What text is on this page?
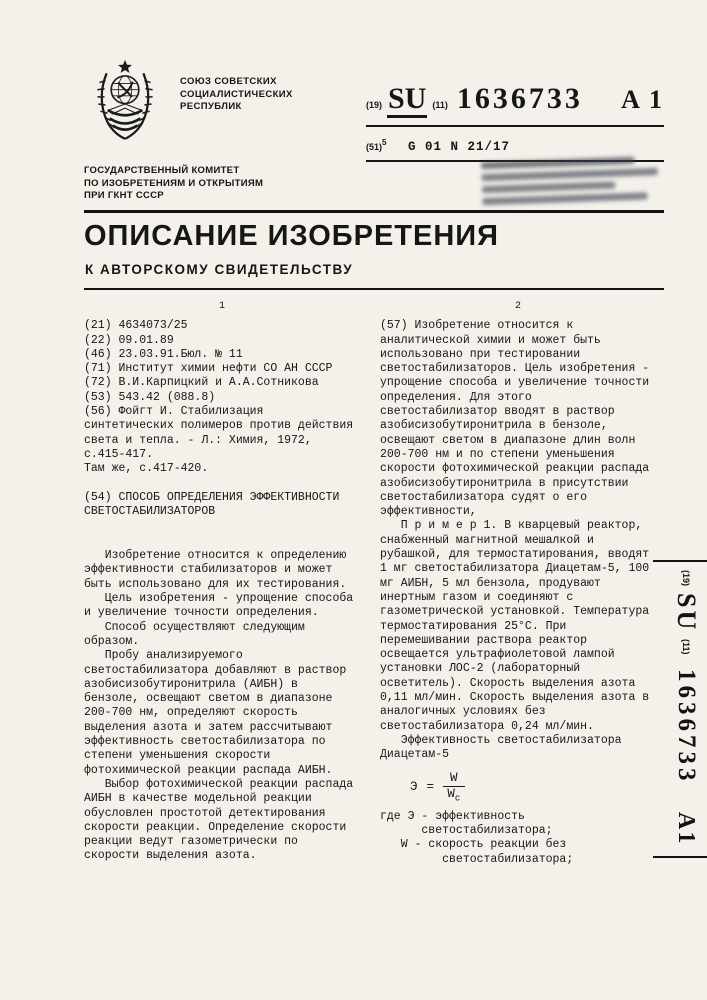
СОЮЗ СОВЕТСКИХ
СОЦИАЛИСТИЧЕСКИХ
РЕСПУБЛИК	(19) SU (11) 1636733 A 1
$(51)^5$ G 01 N 21/17
ГОСУДАРСТВЕННЫЙ КОМИТЕТ
ПО ИЗОБРЕТЕНИЯМ И ОТКРЫТИЯМ
ПРИ ГКНТ СССР
ОПИСАНИЕ ИЗОБРЕТЕНИЯ
К АВТОРСКОМУ СВИДЕТЕЛЬСТВУ
1

(21) 4634073/25

(22) 09.01.89

(46) 23.03.91.Бюл. № 11

(71) Институт химии нефти СО АН СССР

(72) В.И.Карпицкий и А.А.Сотникова

(53) 543.42 (088.8)

(56) Фойгт И. Стабилизация синтетических полимеров против действия света и тепла. - Л.: Химия, 1972, с.415-417.

Там же, с.417-420.

(54) СПОСОБ ОПРЕДЕЛЕНИЯ ЭФФЕКТИВНОСТИ СВЕТОСТАБИЛИЗАТОРОВ

Изобретение относится к определению эффективности стабилизаторов и может быть использовано для их тестирования.

Цель изобретения - упрощение способа и увеличение точности определения.

Способ осуществляют следующим образом.

Пробу анализируемого светостабилизатора добавляют в раствор азобисизобутиронитрила (АИБН) в бензоле, освещают светом в диапазоне 200-700 нм, определяют скорость выделения азота и затем рассчитывают эффективность светостабилизатора по степени уменьшения скорости фотохимической реакции распада АИБН.

Выбор фотохимической реакции распада АИБН в качестве модельной реакции обусловлен простотой детектирования скорости реакции. Определение скорости реакции ведут газометрически по скорости выделения азота.

2

(57) Изобретение относится к аналитической химии и может быть использовано при тестировании светостабилизаторов. Цель изобретения - упрощение способа и увеличение точности определения. Для этого светостабилизатор вводят в раствор азобисизобутиронитрила в бензоле, освещают светом в диапазоне длин волн 200-700 нм и по степени уменьшения скорости фотохимической реакции распада азобисизобутиронитрила в присутствии светостабилизатора судят о его эффективности,

П р и м е р 1. В кварцевый реактор, снабженный магнитной мешалкой и рубашкой, для термостатирования, вводят 1 мг светостабилизатора Диацетам-5, 100 мг АИБН, 5 мл бензола, продувают инертным газом и соединяют с газометрической установкой. Температура термостатирования 25°С. При перемешивании раствора реактор освещается ультрафиолетовой лампой установки ЛОС-2 (лабораторный осветитель). Скорость выделения азота 0,11 мл/мин. Скорость выделения азота в аналогичных условиях без светостабилизатора 0,24 мл/мин.

Эффективность светостабилизатора Диацетам-5

$Э = \frac{W}{W_c}$

где Э - эффективность светостабилизатора;

W - скорость реакции без светостабилизатора;

(19) SU (11) 1636733 А1
